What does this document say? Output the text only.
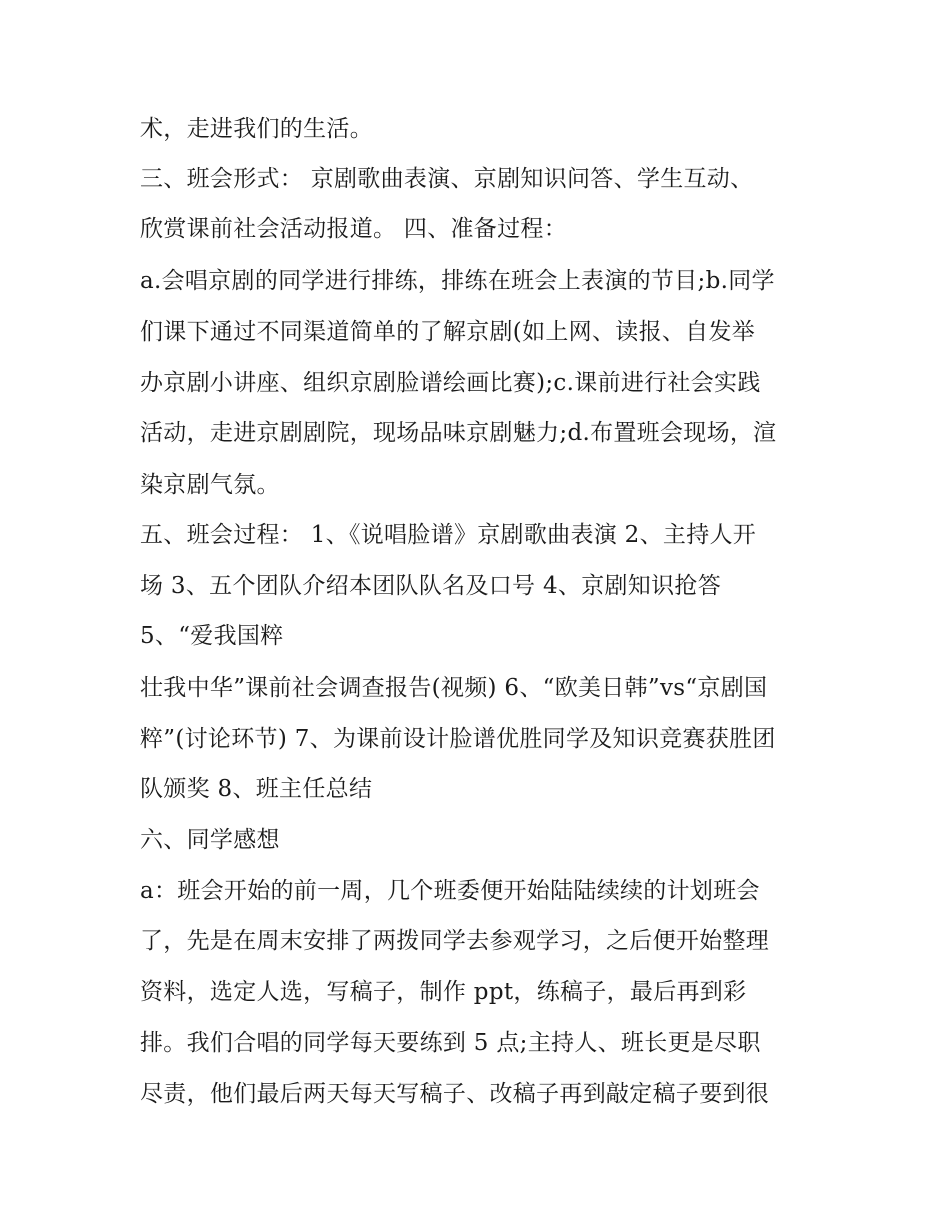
术，走进我们的生活。

三、班会形式： 京剧歌曲表演、京剧知识问答、学生互动、

欣赏课前社会活动报道。 四、准备过程：

a.会唱京剧的同学进行排练，排练在班会上表演的节目;b.同学

们课下通过不同渠道简单的了解京剧(如上网、读报、自发举

办京剧小讲座、组织京剧脸谱绘画比赛);c.课前进行社会实践

活动，走进京剧剧院，现场品味京剧魅力;d.布置班会现场，渲

染京剧气氛。

五、班会过程： 1、《说唱脸谱》京剧歌曲表演 2、主持人开

场 3、五个团队介绍本团队队名及口号 4、京剧知识抢答

5、“爱我国粹

壮我中华”课前社会调查报告(视频) 6、“欧美日韩”vs“京剧国

粹”(讨论环节) 7、为课前设计脸谱优胜同学及知识竞赛获胜团

队颁奖 8、班主任总结

六、同学感想

a：班会开始的前一周，几个班委便开始陆陆续续的计划班会

了，先是在周末安排了两拨同学去参观学习，之后便开始整理

资料，选定人选，写稿子，制作 ppt，练稿子，最后再到彩

排。我们合唱的同学每天要练到 5 点;主持人、班长更是尽职

尽责，他们最后两天每天写稿子、改稿子再到敲定稿子要到很
